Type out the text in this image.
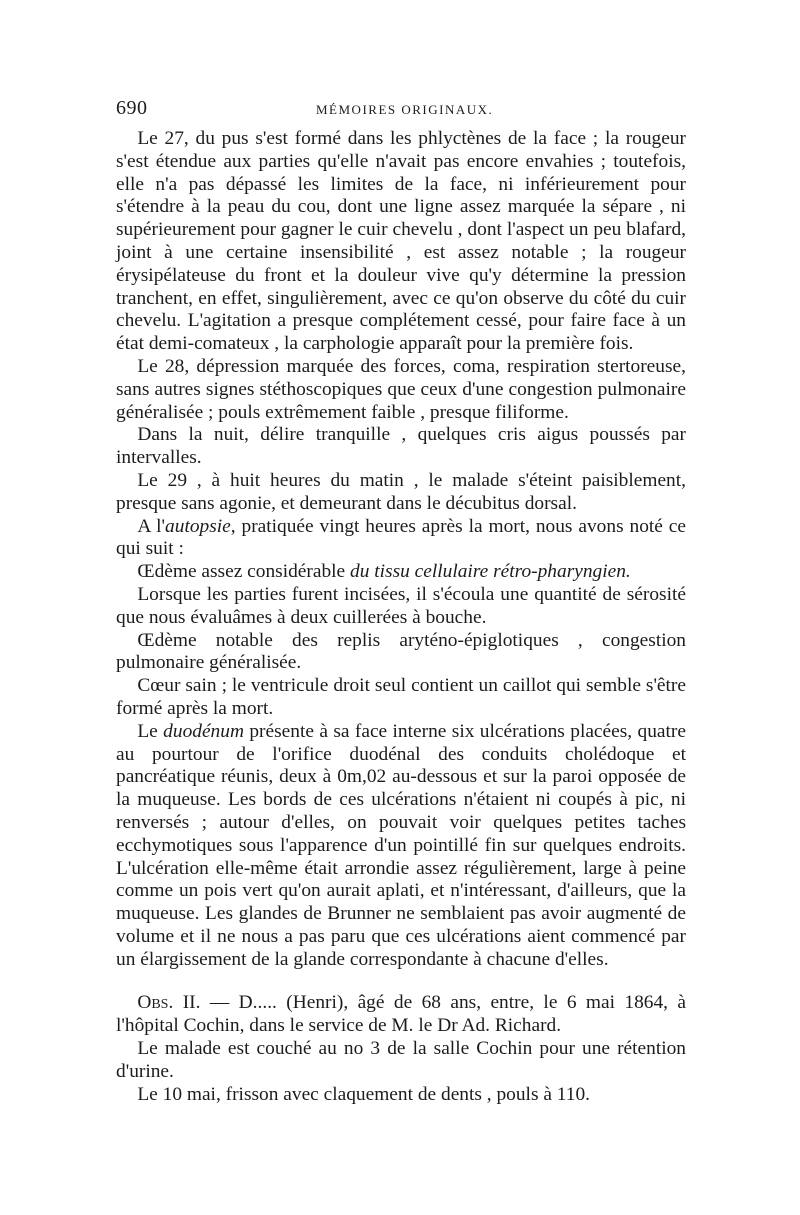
690	MÉMOIRES ORIGINAUX.

Le 27, du pus s'est formé dans les phlyctènes de la face ; la rougeur s'est étendue aux parties qu'elle n'avait pas encore envahies ; toutefois, elle n'a pas dépassé les limites de la face, ni inférieurement pour s'étendre à la peau du cou, dont une ligne assez marquée la sépare , ni supérieurement pour gagner le cuir chevelu , dont l'aspect un peu blafard, joint à une certaine insensibilité , est assez notable ; la rougeur érysipélateuse du front et la douleur vive qu'y détermine la pression tranchent, en effet, singulièrement, avec ce qu'on observe du côté du cuir chevelu. L'agitation a presque complétement cessé, pour faire face à un état demi-comateux , la carphologie apparaît pour la première fois.

Le 28, dépression marquée des forces, coma, respiration stertoreuse, sans autres signes stéthoscopiques que ceux d'une congestion pulmonaire généralisée ; pouls extrêmement faible , presque filiforme.

Dans la nuit, délire tranquille , quelques cris aigus poussés par intervalles.

Le 29 , à huit heures du matin , le malade s'éteint paisiblement, presque sans agonie, et demeurant dans le décubitus dorsal.

A l'autopsie, pratiquée vingt heures après la mort, nous avons noté ce qui suit :

Œdème assez considérable du tissu cellulaire rétro-pharyngien.

Lorsque les parties furent incisées, il s'écoula une quantité de sérosité que nous évaluâmes à deux cuillerées à bouche.

Œdème notable des replis aryténo-épiglotiques , congestion pulmonaire généralisée.

Cœur sain ; le ventricule droit seul contient un caillot qui semble s'être formé après la mort.

Le duodénum présente à sa face interne six ulcérations placées, quatre au pourtour de l'orifice duodénal des conduits cholédoque et pancréatique réunis, deux à 0m,02 au-dessous et sur la paroi opposée de la muqueuse. Les bords de ces ulcérations n'étaient ni coupés à pic, ni renversés ; autour d'elles, on pouvait voir quelques petites taches ecchymotiques sous l'apparence d'un pointillé fin sur quelques endroits. L'ulcération elle-même était arrondie assez régulièrement, large à peine comme un pois vert qu'on aurait aplati, et n'intéressant, d'ailleurs, que la muqueuse. Les glandes de Brunner ne semblaient pas avoir augmenté de volume et il ne nous a pas paru que ces ulcérations aient commencé par un élargissement de la glande correspondante à chacune d'elles.

Obs. II. — D..... (Henri), âgé de 68 ans, entre, le 6 mai 1864, à l'hôpital Cochin, dans le service de M. le Dr Ad. Richard.

Le malade est couché au no 3 de la salle Cochin pour une rétention d'urine.

Le 10 mai, frisson avec claquement de dents , pouls à 110.
